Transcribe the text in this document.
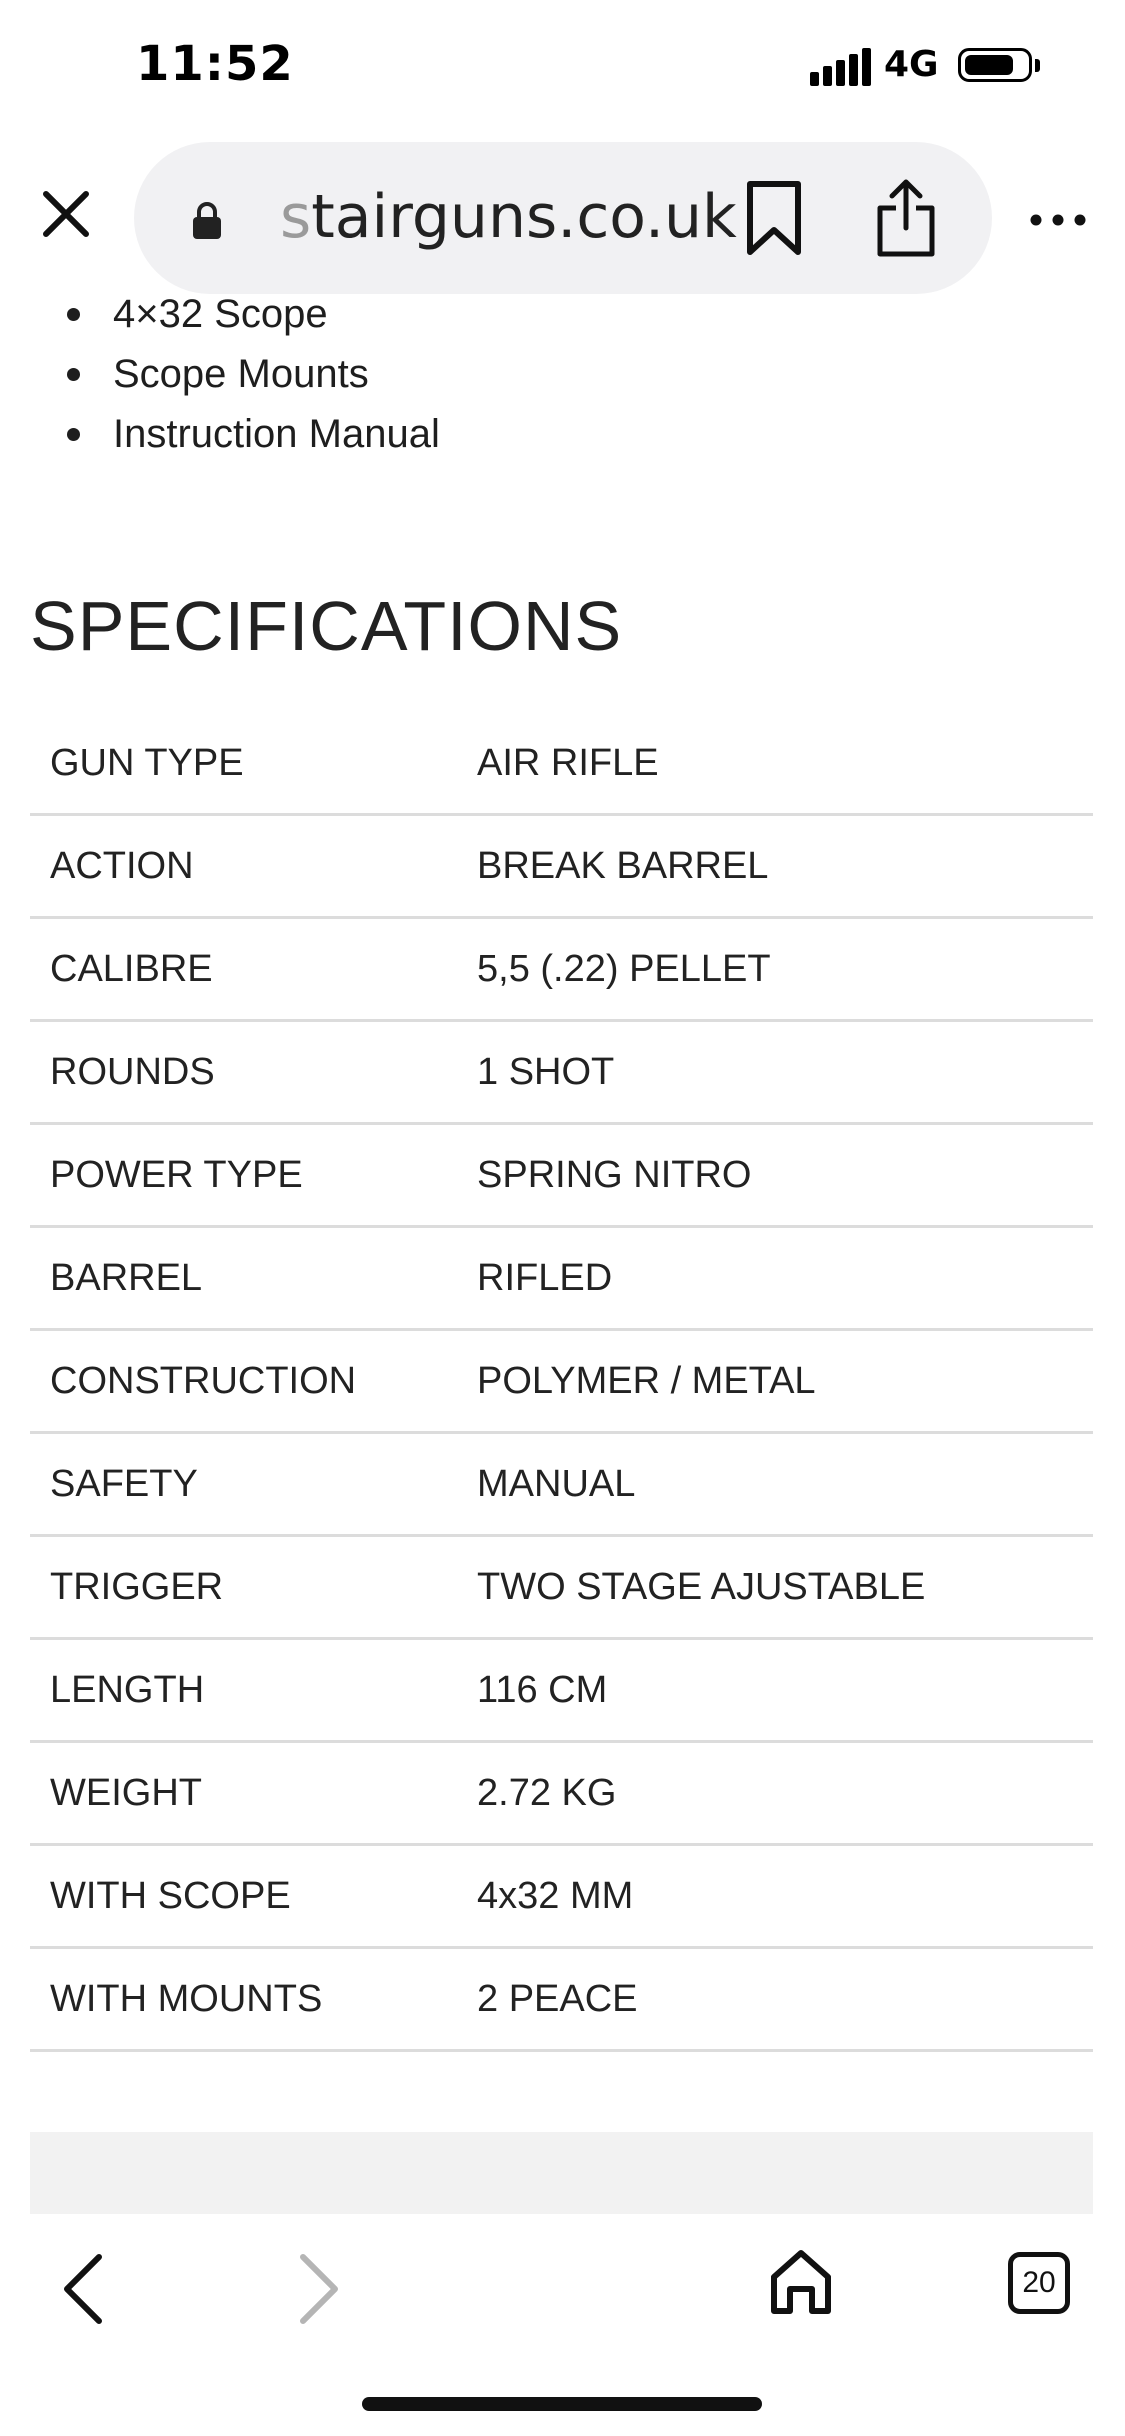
11:52	4G
stairguns.co.uk
4×32 Scope
Scope Mounts
Instruction Manual
SPECIFICATIONS
GUN TYPE	AIR RIFLE
ACTION	BREAK BARREL
CALIBRE	5,5 (.22) PELLET
ROUNDS	1 SHOT
POWER TYPE	SPRING NITRO
BARREL	RIFLED
CONSTRUCTION	POLYMER / METAL
SAFETY	MANUAL
TRIGGER	TWO STAGE AJUSTABLE
LENGTH	116 CM
WEIGHT	2.72 KG
WITH SCOPE	4x32 MM
WITH MOUNTS	2 PEACE
20
